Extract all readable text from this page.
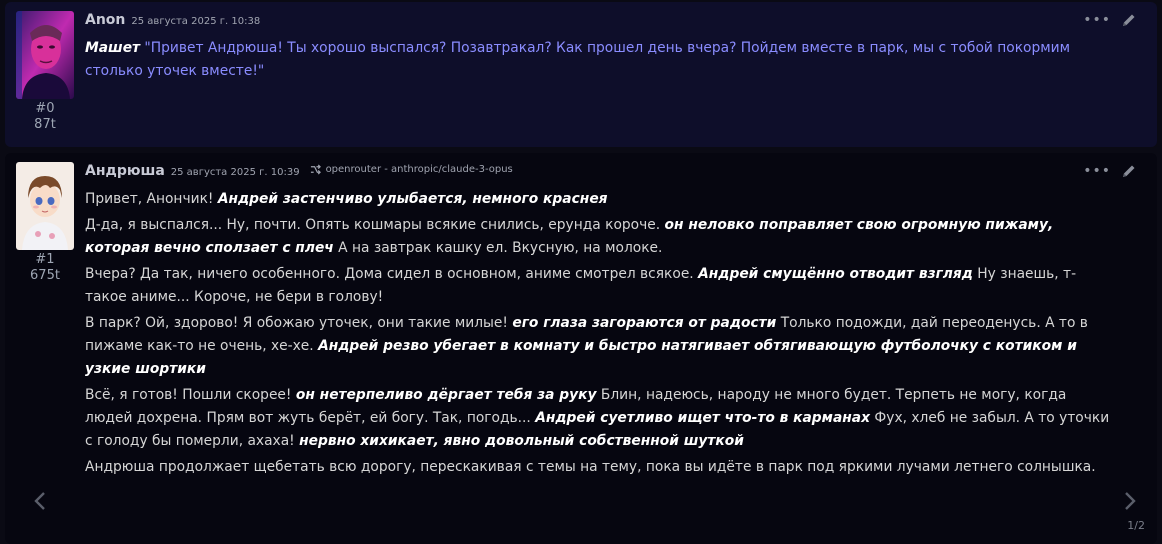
#0
87t
Anon 25 августа 2025 г. 10:38	•••

Машет "Привет Андрюша! Ты хорошо выспался? Позавтракал? Как прошел день вчера? Пойдем вместе в парк, мы с тобой покормим столько уточек вместе!"

#1
675t
Андрюша 25 августа 2025 г. 10:39	openrouter - anthropic/claude-3-opus	•••

Привет, Анончик! Андрей застенчиво улыбается, немного краснея

Д-да, я выспался... Ну, почти. Опять кошмары всякие снились, ерунда короче. он неловко поправляет свою огромную пижаму, которая вечно сползает с плеч А на завтрак кашку ел. Вкусную, на молоке.

Вчера? Да так, ничего особенного. Дома сидел в основном, аниме смотрел всякое. Андрей смущённо отводит взгляд Ну знаешь, т-такое аниме... Короче, не бери в голову!

В парк? Ой, здорово! Я обожаю уточек, они такие милые! его глаза загораются от радости Только подожди, дай переоденусь. А то в пижаме как-то не очень, хе-хе. Андрей резво убегает в комнату и быстро натягивает обтягивающую футболочку с котиком и узкие шортики

Всё, я готов! Пошли скорее! он нетерпеливо дёргает тебя за руку Блин, надеюсь, народу не много будет. Терпеть не могу, когда людей дохрена. Прям вот жуть берёт, ей богу. Так, погодь... Андрей суетливо ищет что-то в карманах Фух, хлеб не забыл. А то уточки с голоду бы померли, ахаха! нервно хихикает, явно довольный собственной шуткой

Андрюша продолжает щебетать всю дорогу, перескакивая с темы на тему, пока вы идёте в парк под яркими лучами летнего солнышка.

1/2
